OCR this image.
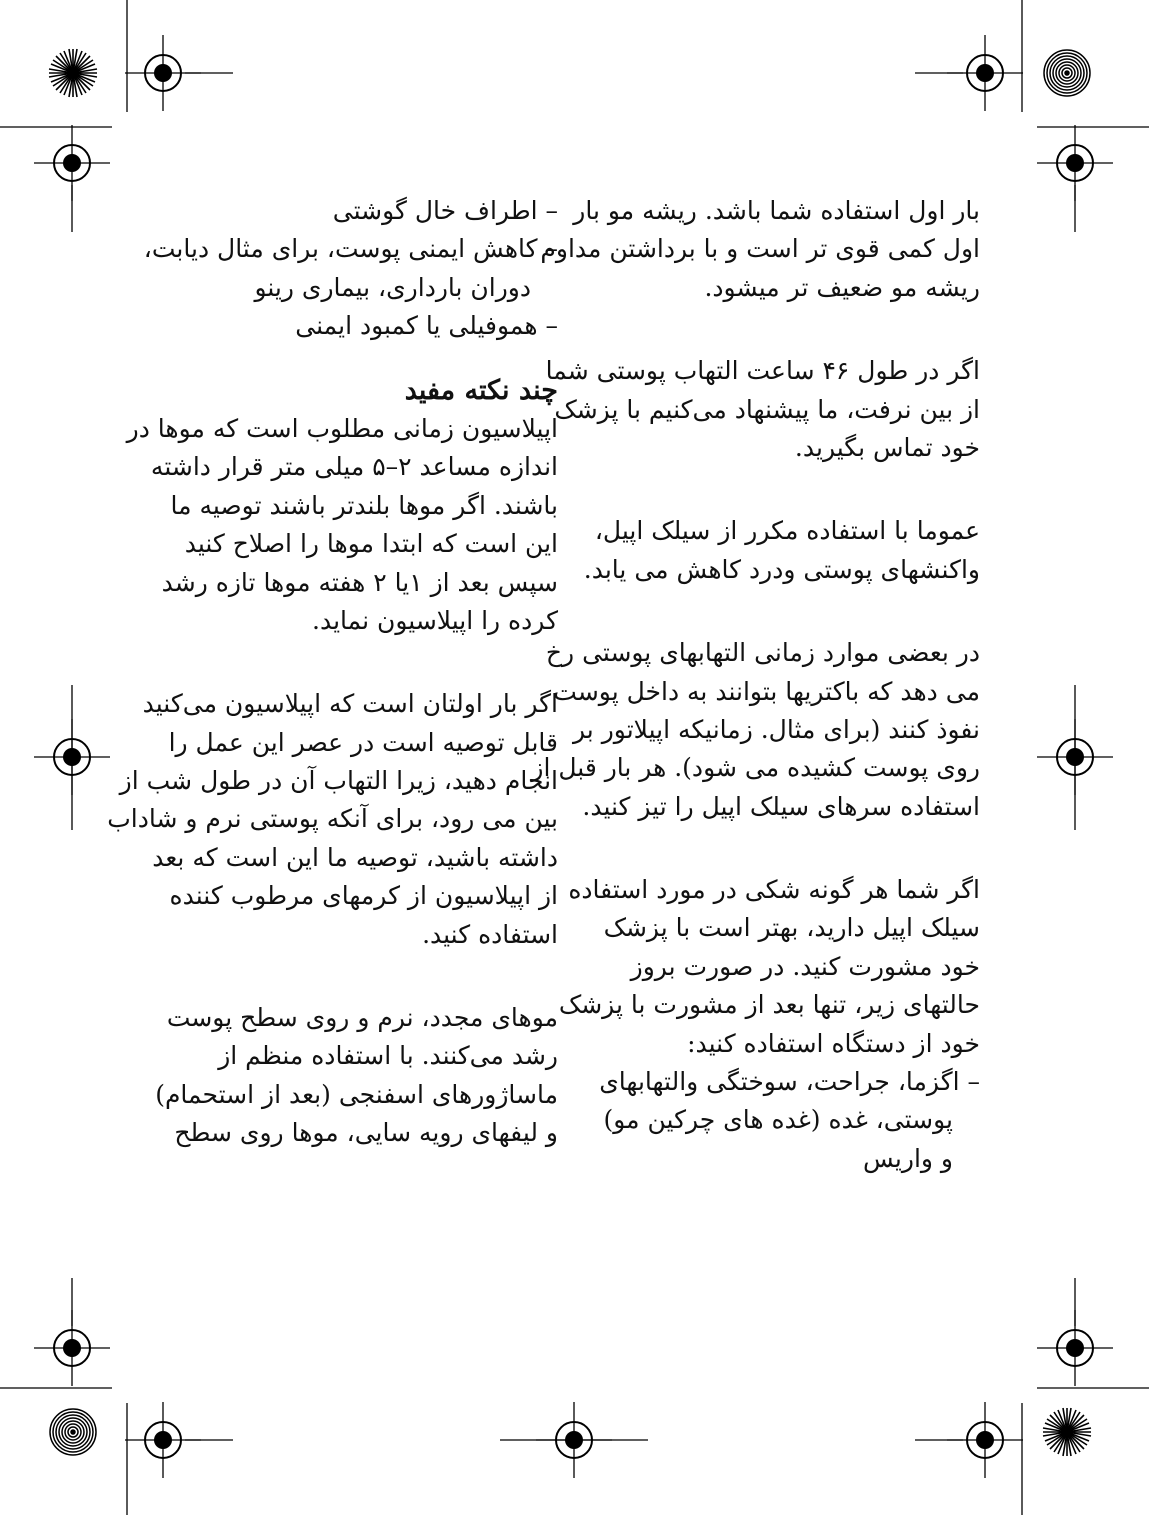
بار اول استفاده شما باشد. ریشه مو بار
اول کمی قوی تر است و با برداشتن مداوم
ریشه مو ضعیف تر میشود.
اگر در طول ۴۶ ساعت التهاب پوستی شما
از بین نرفت، ما پیشنهاد می‌کنیم با پزشک
خود تماس بگیرید.
عموما با استفاده مکرر از سیلک اپیل،
واکنشهای پوستی ودرد کاهش می یابد.
در بعضی موارد زمانی التهابهای پوستی رخ
می دهد که باکتریها بتوانند به داخل پوست
نفوذ کنند (برای مثال. زمانیکه اپیلاتور بر
روی پوست کشیده می شود). هر بار قبل از
استفاده سرهای سیلک اپیل را تیز کنید.
اگر شما هر گونه شکی در مورد استفاده
سیلک اپیل دارید، بهتر است با پزشک
خود مشورت کنید. در صورت بروز
حالتهای زیر، تنها بعد از مشورت با پزشک
خود از دستگاه استفاده کنید:
– اگزما، جراحت، سوختگی والتهابهای
پوستی، غده (غده های چرکین مو)
و واریس
– اطراف خال گوشتی
– کاهش ایمنی پوست، برای مثال دیابت،
دوران بارداری، بیماری رینو
– هموفیلی یا کمبود ایمنی
چند نکته مفید
اپیلاسیون زمانی مطلوب است که موها در
اندازه مساعد ۲–۵ میلی متر قرار داشته
باشند. اگر موها بلندتر باشند توصیه ما
این است که ابتدا موها را اصلاح کنید
سپس بعد از ۱یا ۲ هفته موها تازه رشد
کرده را اپیلاسیون نماید.
اگر بار اولتان است که اپیلاسیون می‌کنید
قابل توصیه است در عصر این عمل را
انجام دهید، زیرا التهاب آن در طول شب از
بین می رود، برای آنکه پوستی نرم و شاداب
داشته باشید، توصیه ما این است که بعد
از اپیلاسیون از کرمهای مرطوب کننده
استفاده کنید.
موهای مجدد، نرم و روی سطح پوست
رشد می‌کنند. با استفاده منظم از
ماساژورهای اسفنجی (بعد از استحمام)
و لیفهای رویه سایی، موها روی سطح
